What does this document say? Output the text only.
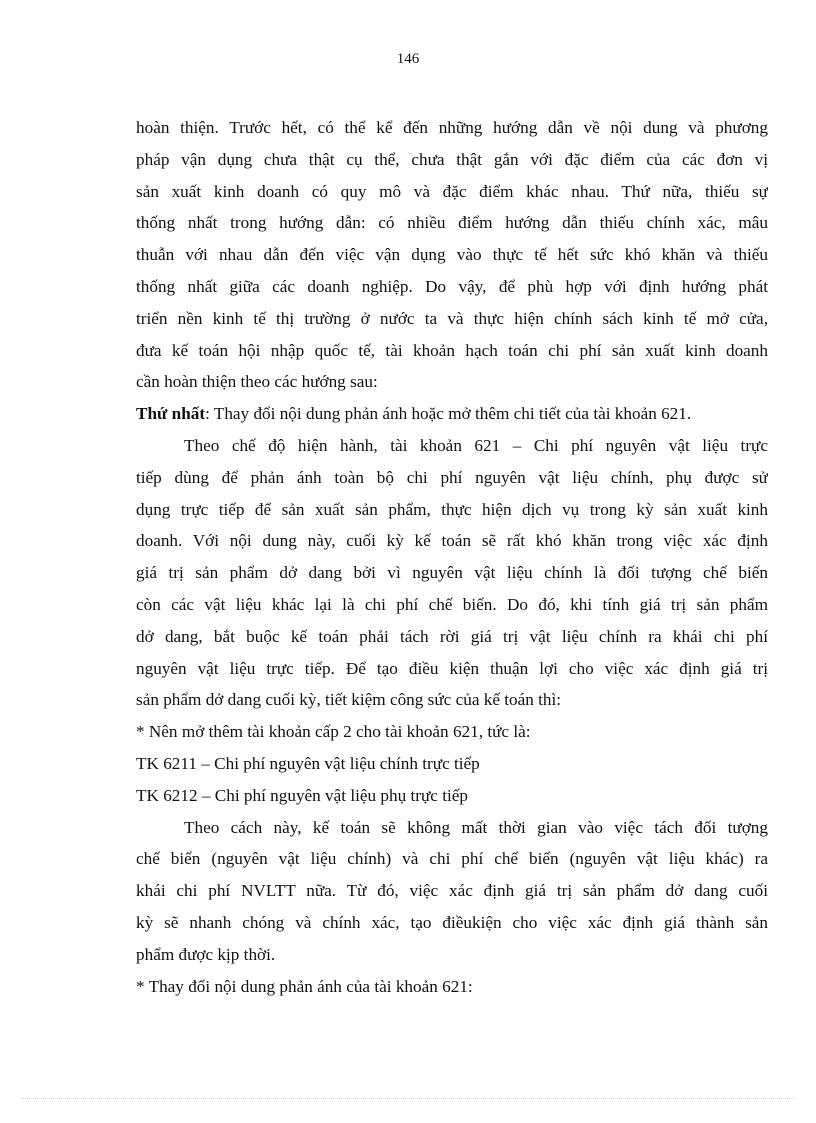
146
hoàn thiện. Trước hết, có thể kể đến những hướng dẫn về nội dung và phương
pháp vận dụng chưa thật cụ thể, chưa thật gắn với đặc điểm của các đơn vị
sản xuất kinh doanh có quy mô và đặc điểm khác nhau. Thứ nữa, thiếu sự
thống nhất trong hướng dẫn: có nhiều điểm hướng dẫn thiếu chính xác, mâu
thuẫn với nhau dẫn đến việc vận dụng vào thực tế hết sức khó khăn và thiếu
thống nhất giữa các doanh nghiệp. Do vậy, để phù hợp với định hướng phát
triển nền kinh tế thị trường ở nước ta và thực hiện chính sách kinh tế mở cửa,
đưa kế toán hội nhập quốc tế, tài khoản hạch toán chi phí sản xuất kinh doanh
cần hoàn thiện theo các hướng sau:
Thứ nhất: Thay đổi nội dung phản ánh hoặc mở thêm chi tiết của tài khoản 621.
Theo chế độ hiện hành, tài khoản 621 – Chi phí nguyên vật liệu trực
tiếp dùng để phản ánh toàn bộ chi phí nguyên vật liệu chính, phụ được sử
dụng trực tiếp để sản xuất sản phẩm, thực hiện dịch vụ trong kỳ sản xuất kinh
doanh. Với nội dung này, cuối kỳ kế toán sẽ rất khó khăn trong việc xác định
giá trị sản phẩm dở dang bởi vì nguyên vật liệu chính là đối tượng chế biến
còn các vật liệu khác lại là chi phí chế biến. Do đó, khi tính giá trị sản phẩm
dở dang, bắt buộc kế toán phải tách rời giá trị vật liệu chính ra khái chi phí
nguyên vật liệu trực tiếp. Để tạo điều kiện thuận lợi cho việc xác định giá trị
sản phẩm dở dang cuối kỳ, tiết kiệm công sức của kế toán thì:
* Nên mở thêm tài khoản cấp 2 cho tài khoản 621, tức là:
TK 6211 – Chi phí nguyên vật liệu chính trực tiếp
TK 6212 – Chi phí nguyên vật liệu phụ trực tiếp
Theo cách này, kế toán sẽ không mất thời gian vào việc tách đối tượng
chế biến (nguyên vật liệu chính) và chi phí chế biến (nguyên vật liệu khác) ra
khái chi phí NVLTT nữa. Từ đó, việc xác định giá trị sản phẩm dở dang cuối
kỳ sẽ nhanh chóng và chính xác, tạo điềukiện cho việc xác định giá thành sản
phẩm được kịp thời.
* Thay đổi nội dung phản ánh của tài khoản 621:
